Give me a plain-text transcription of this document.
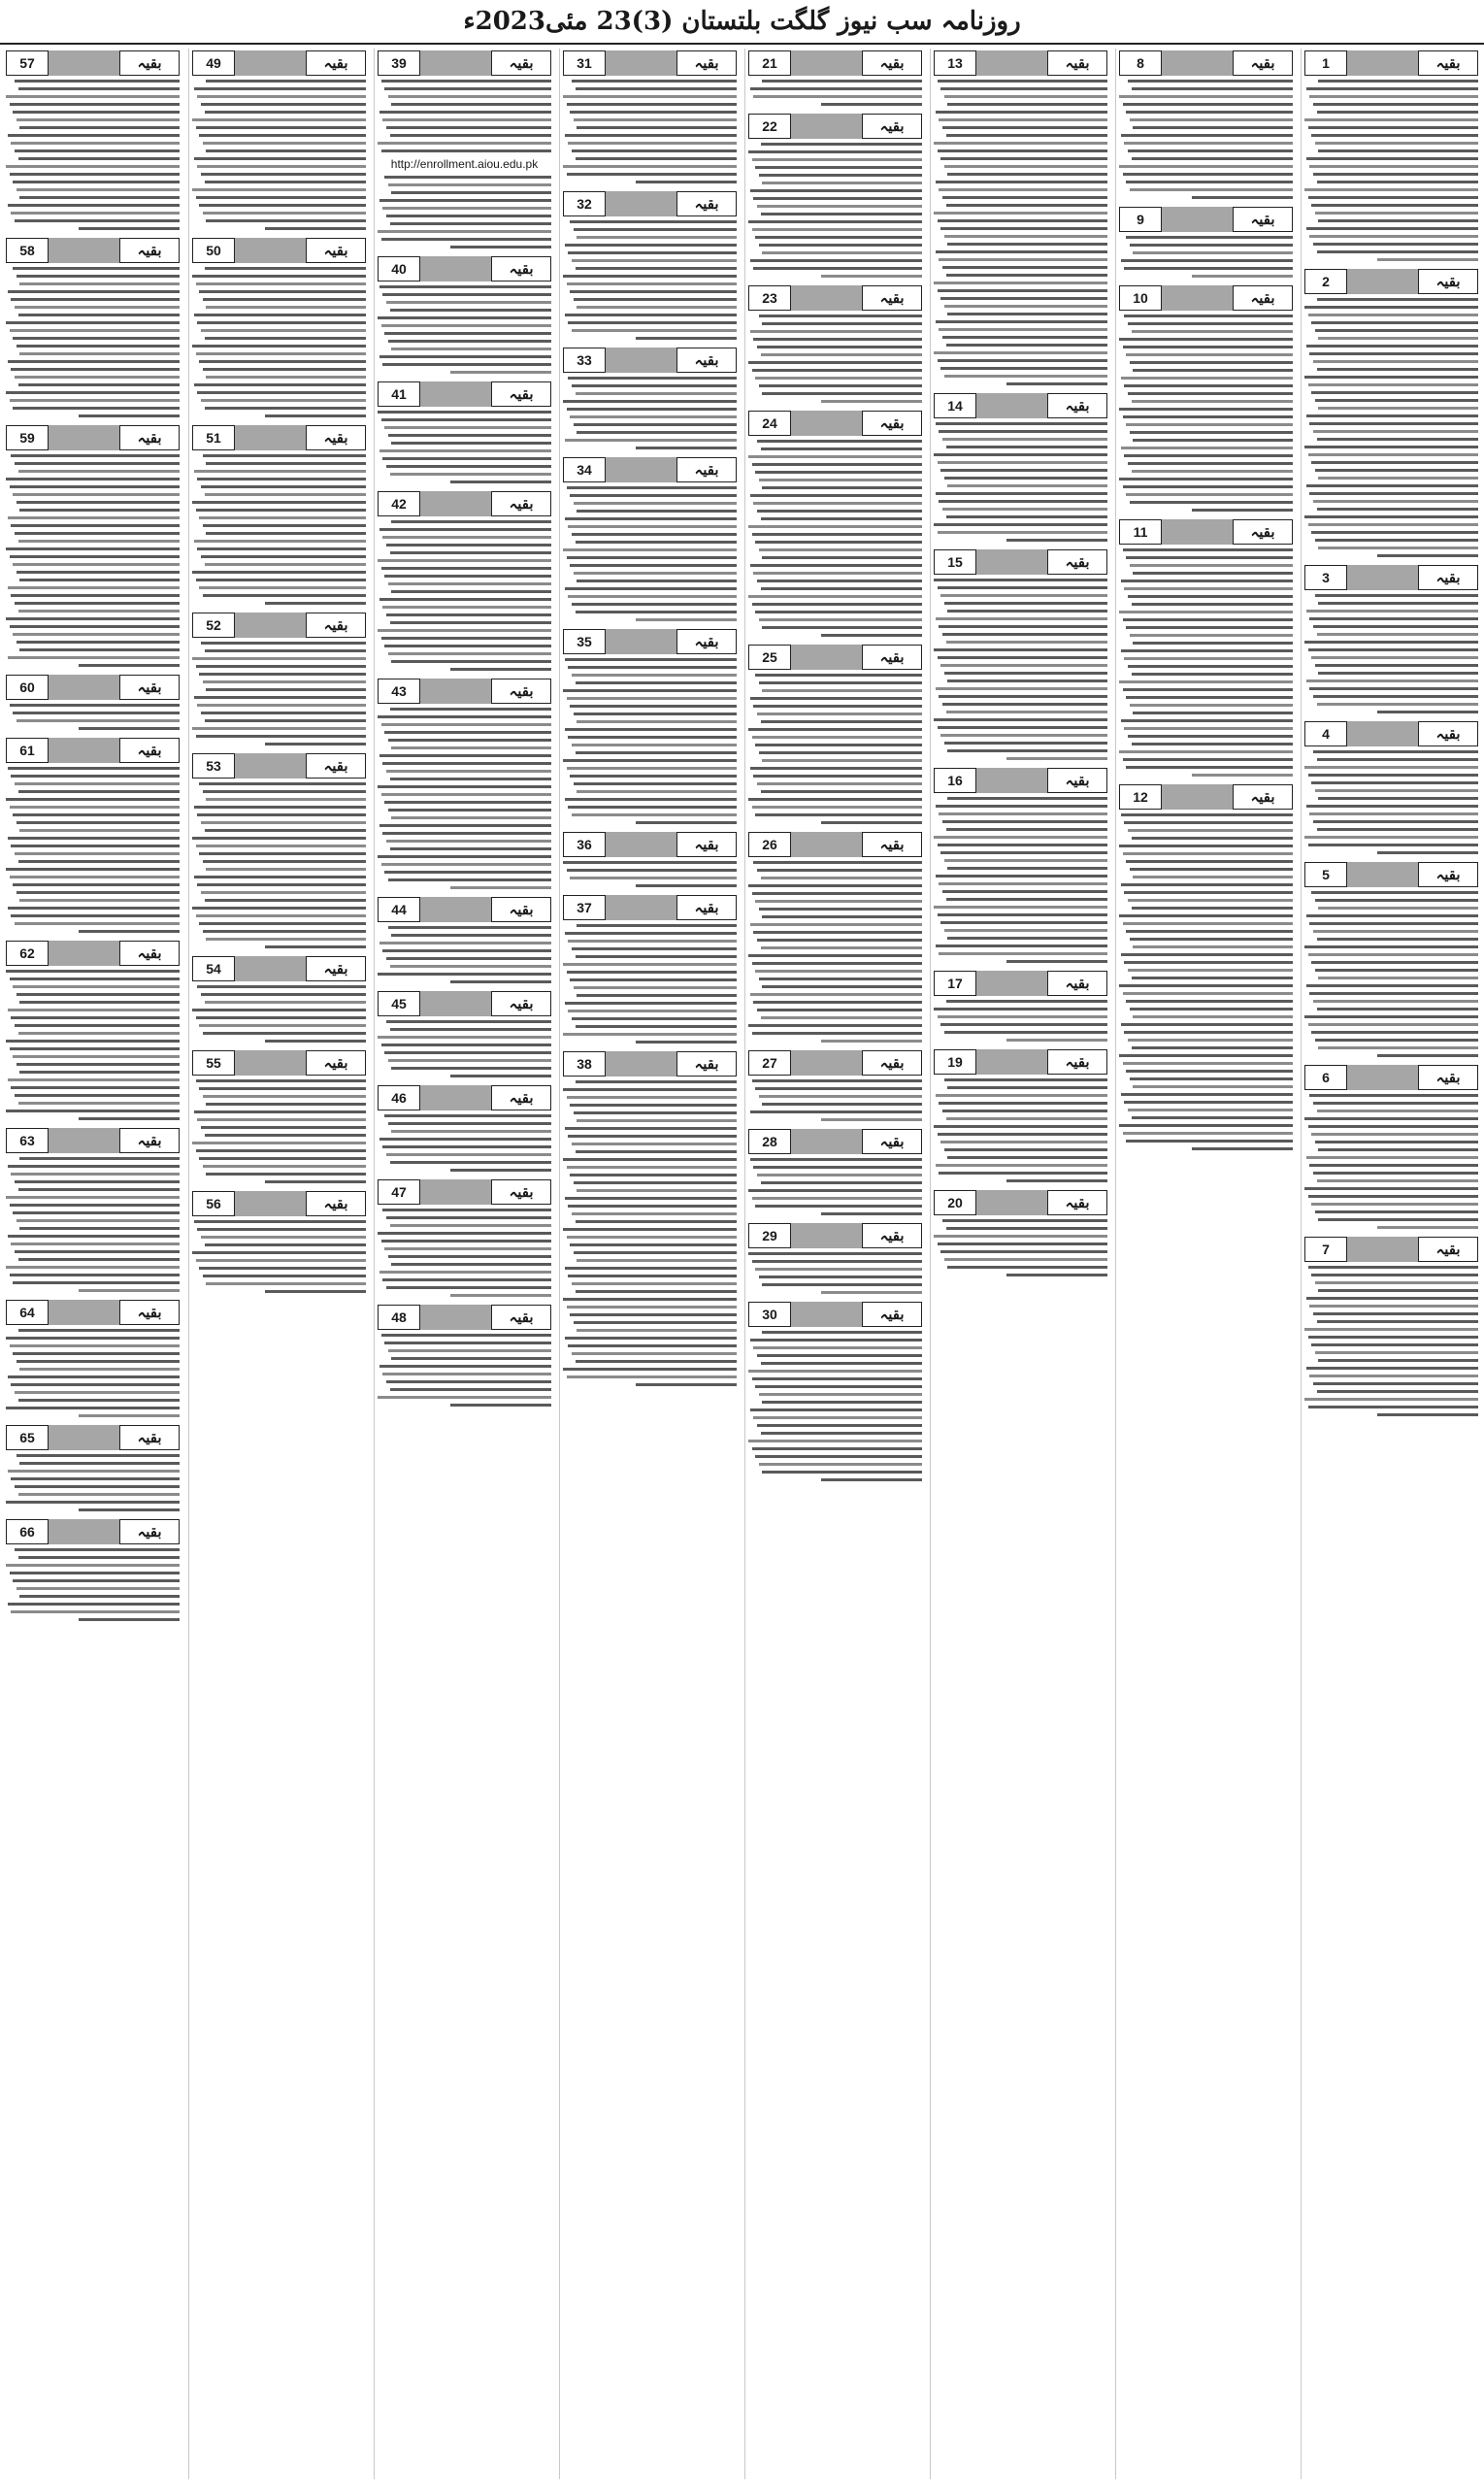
روزنامہ سب نیوز گلگت بلتستان (3)23 مئی2023ء
بقیہ
1
بقیہ
2
بقیہ
3
بقیہ
4
بقیہ
5
بقیہ
6
بقیہ
7
بقیہ
8
بقیہ
9
بقیہ
10
بقیہ
11
بقیہ
12
بقیہ
13
بقیہ
14
بقیہ
15
بقیہ
16
بقیہ
17
بقیہ
19
بقیہ
20
بقیہ
21
بقیہ
22
بقیہ
23
بقیہ
24
بقیہ
25
بقیہ
26
بقیہ
27
بقیہ
28
بقیہ
29
بقیہ
30
بقیہ
31
بقیہ
32
بقیہ
33
بقیہ
34
بقیہ
35
بقیہ
36
بقیہ
37
بقیہ
38
بقیہ
39
http://enrollment.aiou.edu.pk
بقیہ
40
بقیہ
41
بقیہ
42
بقیہ
43
بقیہ
44
بقیہ
45
بقیہ
46
بقیہ
47
بقیہ
48
بقیہ
49
بقیہ
50
بقیہ
51
بقیہ
52
بقیہ
53
بقیہ
54
بقیہ
55
بقیہ
56
بقیہ
57
بقیہ
58
بقیہ
59
بقیہ
60
بقیہ
61
بقیہ
62
بقیہ
63
بقیہ
64
بقیہ
65
بقیہ
66
